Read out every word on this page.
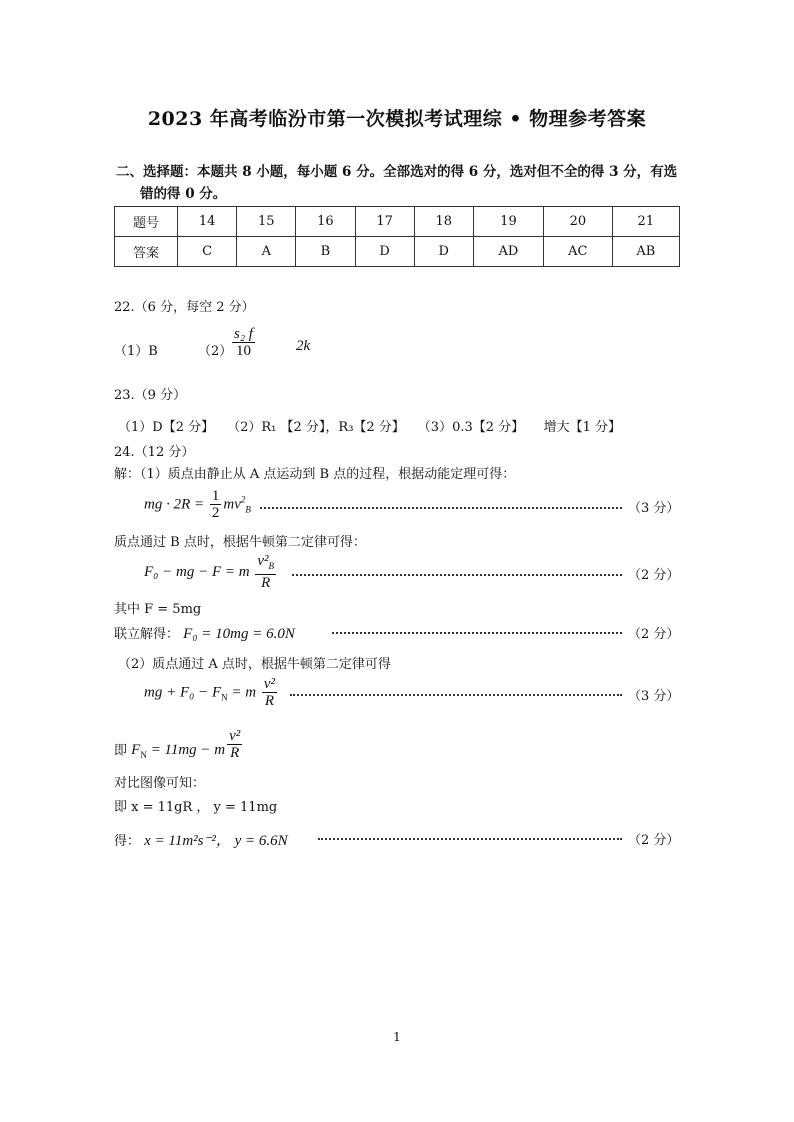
2023 年高考临汾市第一次模拟考试理综 • 物理参考答案
二、选择题：本题共 8 小题，每小题 6 分。全部选对的得 6 分，选对但不全的得 3 分，有选
错的得 0 分。
题号	14	15	16	17	18	19	20	21
答案	C	A	B	D	D	AD	AC	AB
22.（6 分，每空 2 分）
（1）B	$(2) \frac{\text{s₂ f}}{10}$	2k
23.（9 分）
（1）D【2 分】　　（2）R₁ 【2 分】，R₃【2 分】　　（3）0.3【2 分】　　增大【1 分】
24.（12 分）
解：（1）质点由静止从 A 点运动到 B 点的过程，根据动能定理可得：
mg · $2R = \frac{1}{2} mv^2_B$	（3 分）
质点通过 B 点时，根据牛顿第二定律可得：
F₀ − mg − F = m $\frac{v^2_B}{R}$	（2 分）
其中 F = 5mg
联立解得： F₀ = 10mg = 6.0N	（2 分）
（2）质点通过 A 点时，根据牛顿第二定律可得
mg + $F_0 - F_N = m \frac{\text{v²}}{R}$	（3 分）
即 $F_N = 11mg - m \frac{\text{v²}}{R}$
对比图像可知：
即 x = 11gR ， y = 11mg
得： x = 11m²s⁻²， y = 6.6N	（2 分）
1
